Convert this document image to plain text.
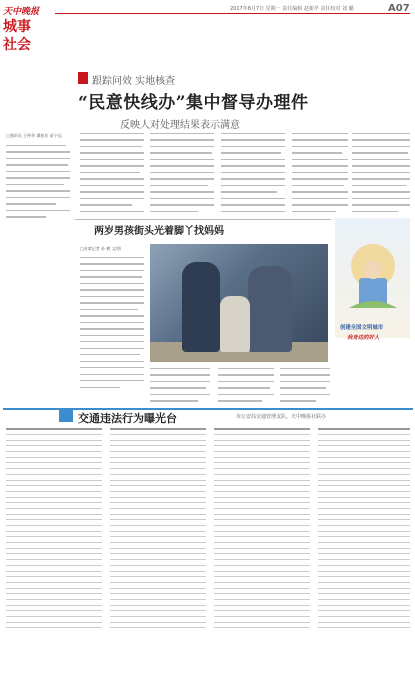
天中晚报
城事
社会
2017年8月7日 星期一 责任编辑 赵新芹 责任校对 刘 璐	A07
跟踪问效 实地核查
“民意快线办”集中督导办理件
反映人对处理结果表示满意
□通讯员 王仲华 谭桂民 苗宁远
两岁男孩街头光着脚丫找妈妈
□首席记者 孙 鹤 文/图
创建全国文明城市
我身边的好人
交通违法行为曝光台	市公安局交通管理支队、天中晚报社联办
